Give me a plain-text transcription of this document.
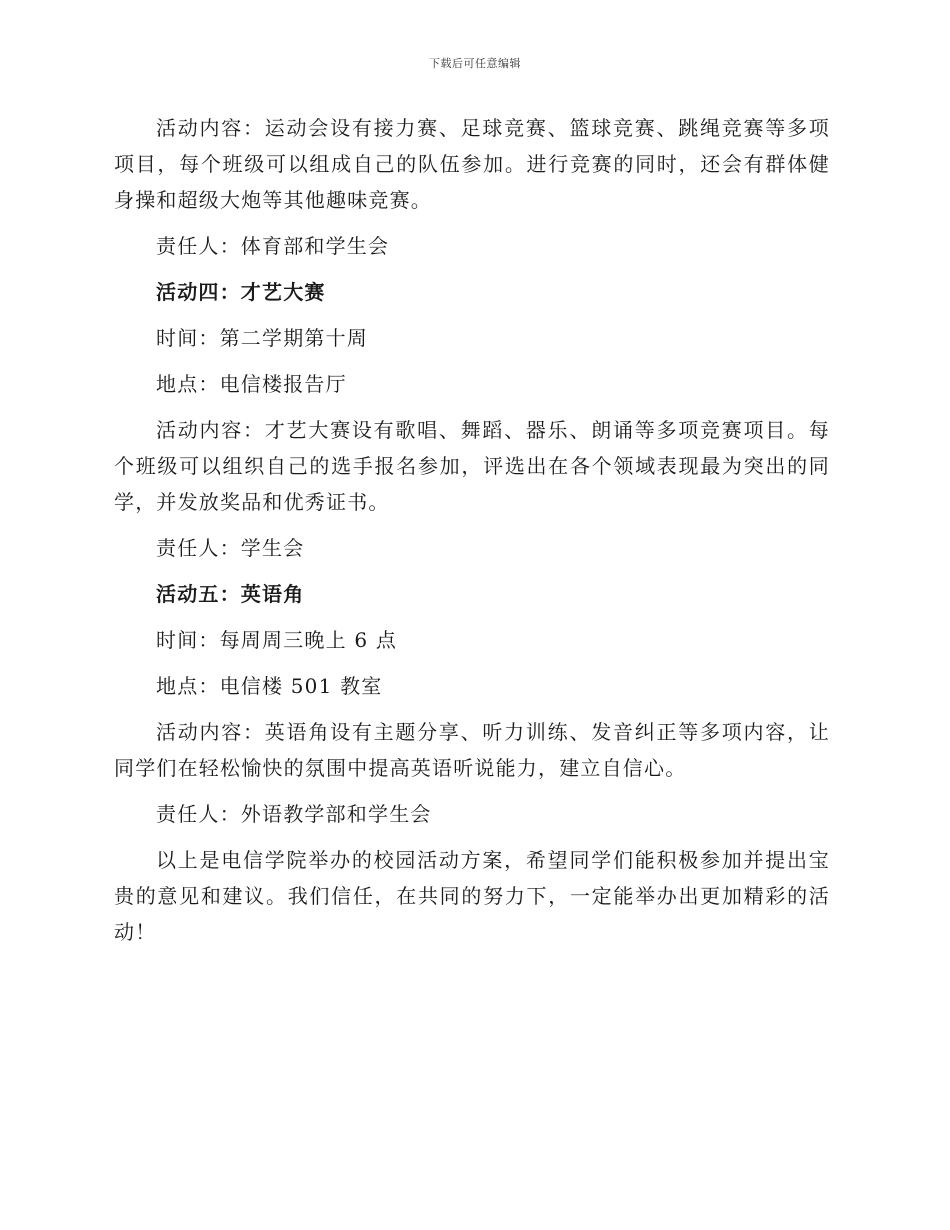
下载后可任意编辑

活动内容：运动会设有接力赛、足球竞赛、篮球竞赛、跳绳竞赛等多项项目，每个班级可以组成自己的队伍参加。进行竞赛的同时，还会有群体健身操和超级大炮等其他趣味竞赛。

责任人：体育部和学生会

活动四：才艺大赛

时间：第二学期第十周

地点：电信楼报告厅

活动内容：才艺大赛设有歌唱、舞蹈、器乐、朗诵等多项竞赛项目。每个班级可以组织自己的选手报名参加，评选出在各个领域表现最为突出的同学，并发放奖品和优秀证书。

责任人：学生会

活动五：英语角

时间：每周周三晚上 6 点

地点：电信楼 501 教室

活动内容：英语角设有主题分享、听力训练、发音纠正等多项内容，让同学们在轻松愉快的氛围中提高英语听说能力，建立自信心。

责任人：外语教学部和学生会

以上是电信学院举办的校园活动方案，希望同学们能积极参加并提出宝贵的意见和建议。我们信任，在共同的努力下，一定能举办出更加精彩的活动！
